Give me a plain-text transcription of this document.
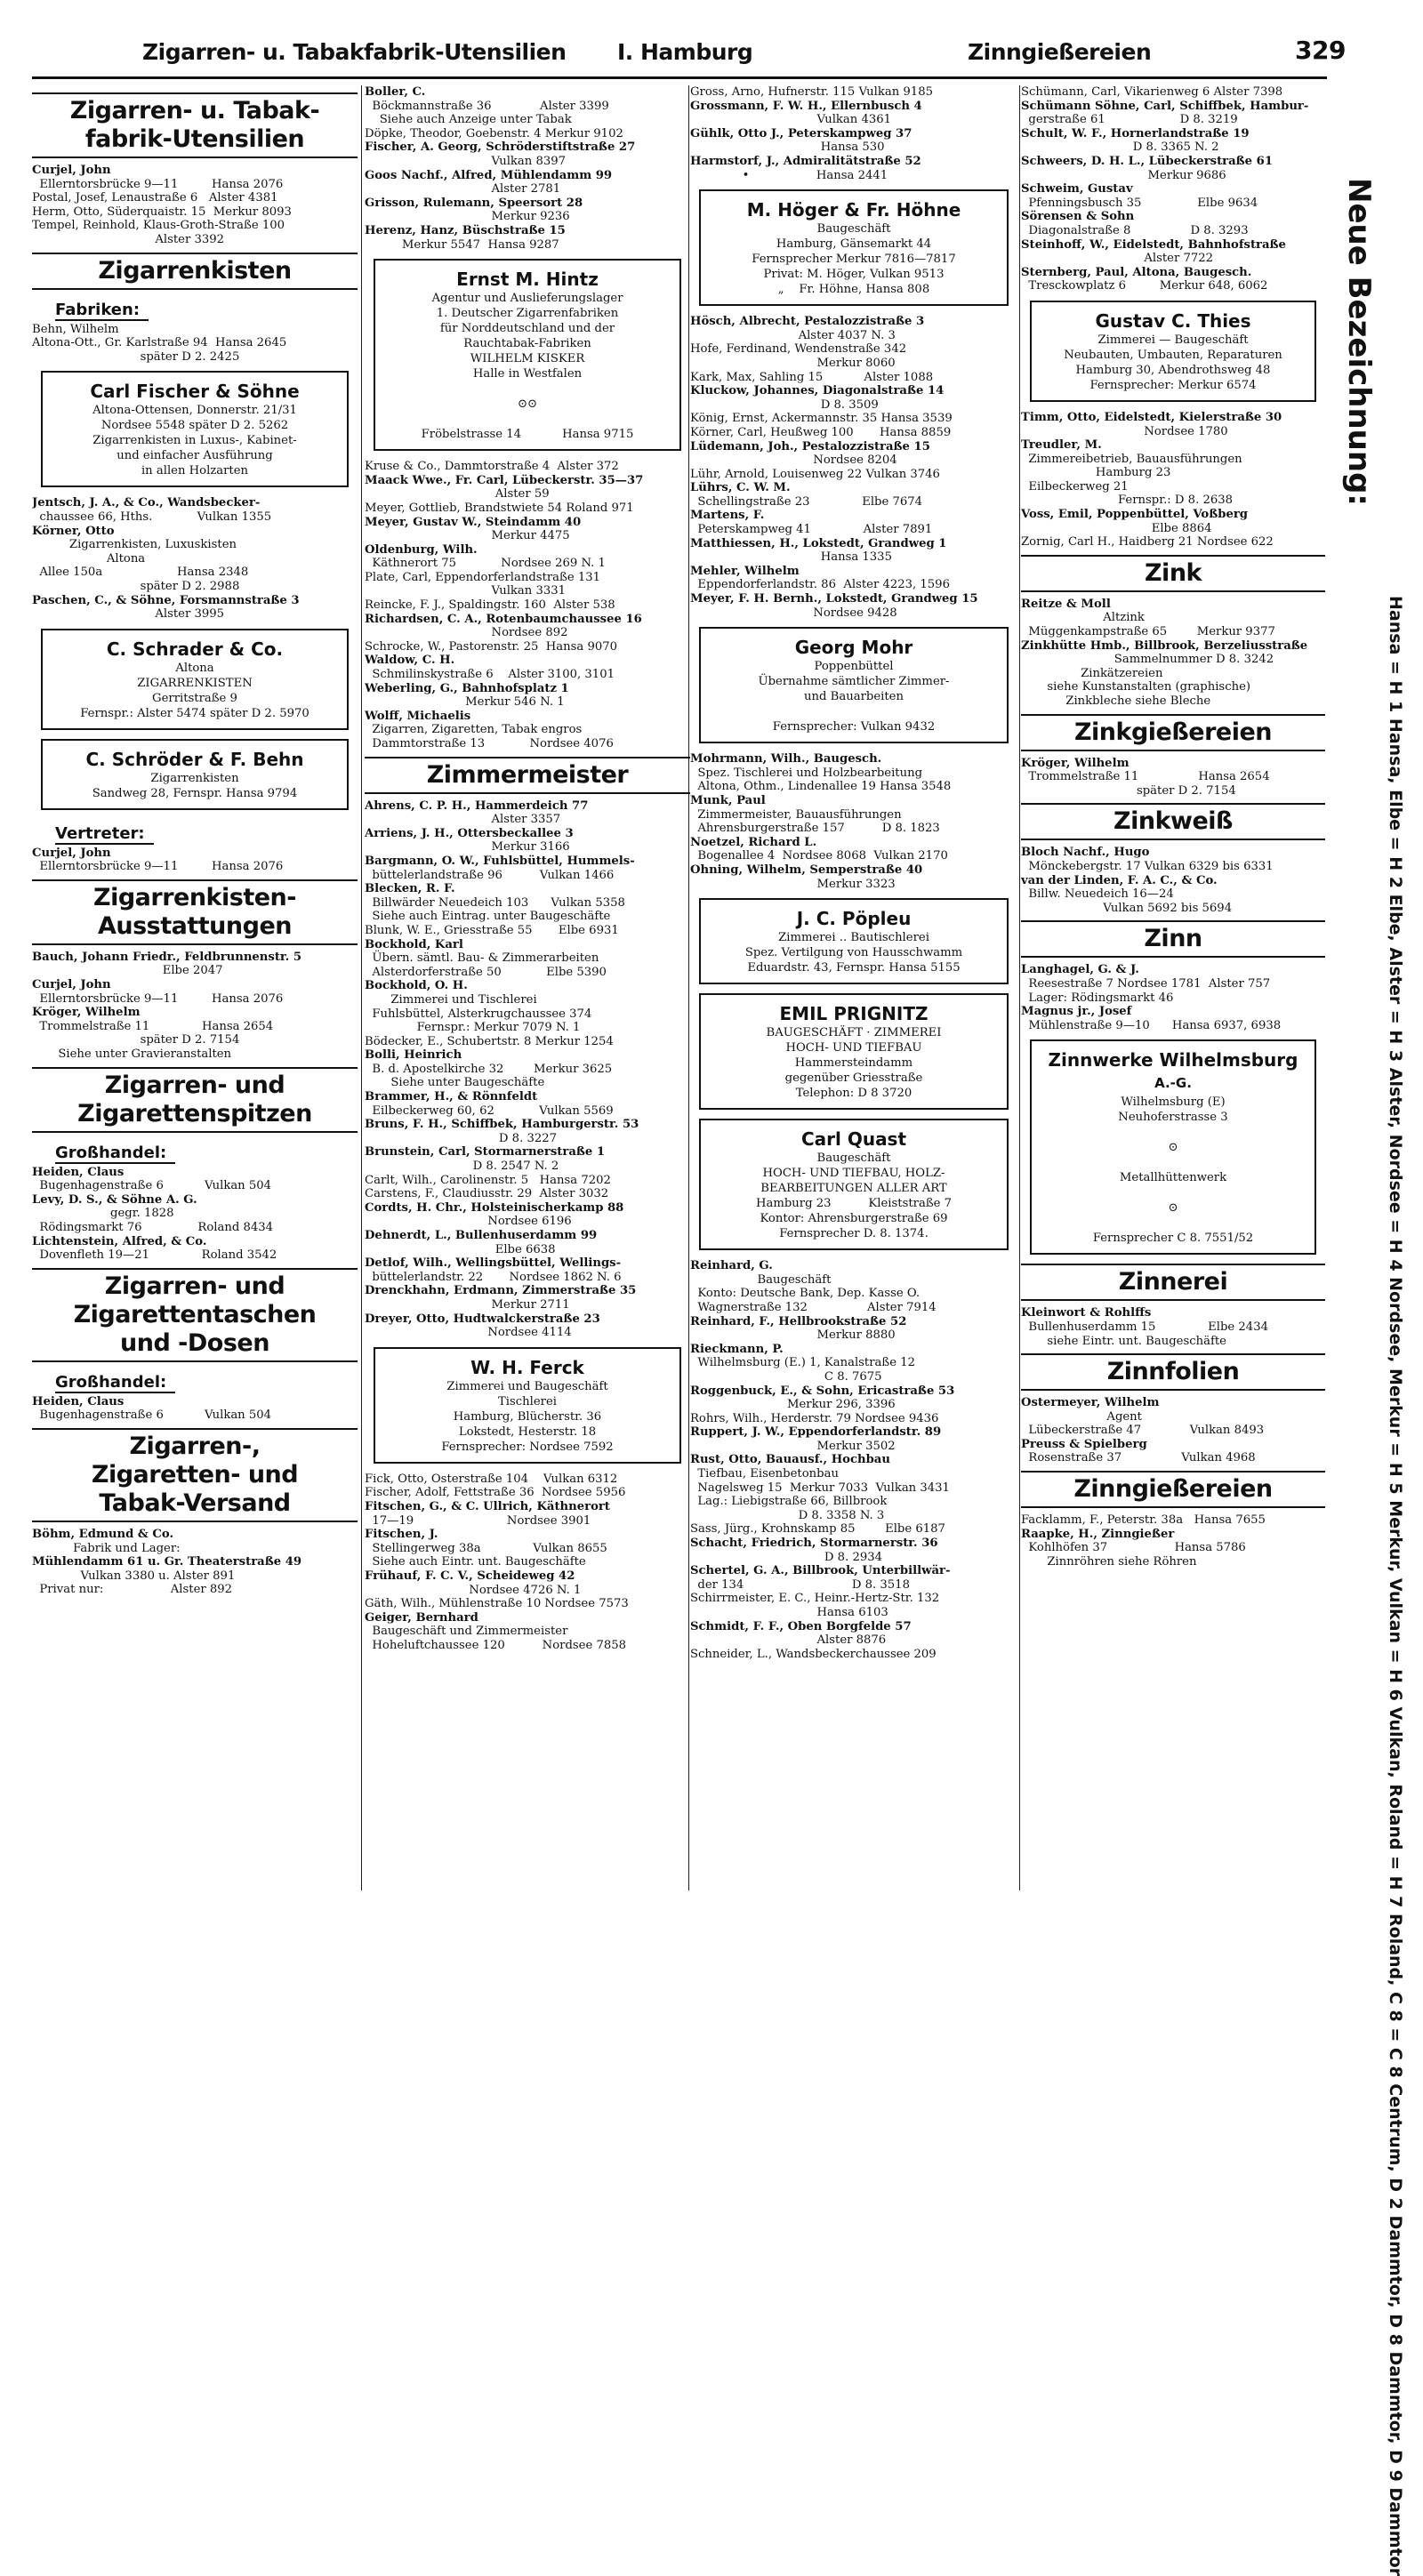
Zigarren- u. Tabakfabrik-Utensilien I. Hamburg	Zinngießereien	329
Zigarren- u. Tabak-
fabrik-Utensilien
Curjel, John
Ellerntorsbrücke 9—11         Hansa 2076
Postal, Josef, Lenaustraße 6   Alster 4381
Herm, Otto, Süderquaistr. 15  Merkur 8093
Tempel, Reinhold, Klaus-Groth-Straße 100
Alster 3392
Zigarrenkisten
Fabriken:
Behn, Wilhelm
Altona-Ott., Gr. Karlstraße 94  Hansa 2645
später D 2. 2425
Carl Fischer & Söhne
Altona-Ottensen, Donnerstr. 21/31
Nordsee 5548 später D 2. 5262
Zigarrenkisten in Luxus-, Kabinet-
und einfacher Ausführung
in allen Holzarten
Jentsch, J. A., & Co., Wandsbecker-
chaussee 66, Hths.            Vulkan 1355
Körner, Otto
Zigarrenkisten, Luxuskisten
Altona
Allee 150a                    Hansa 2348
später D 2. 2988
Paschen, C., & Söhne, Forsmannstraße 3
Alster 3995
C. Schrader & Co.
Altona
ZIGARRENKISTEN
Gerritstraße 9
Fernspr.: Alster 5474 später D 2. 5970
C. Schröder & F. Behn
Zigarrenkisten
Sandweg 28, Fernspr. Hansa 9794
Vertreter:
Curjel, John
Ellerntorsbrücke 9—11         Hansa 2076
Zigarrenkisten-
Ausstattungen
Bauch, Johann Friedr., Feldbrunnenstr. 5
Elbe 2047
Curjel, John
Ellerntorsbrücke 9—11         Hansa 2076
Kröger, Wilhelm
Trommelstraße 11              Hansa 2654
später D 2. 7154
Siehe unter Gravieranstalten
Zigarren- und
Zigarettenspitzen
Großhandel:
Heiden, Claus
Bugenhagenstraße 6           Vulkan 504
Levy, D. S., & Söhne A. G.
gegr. 1828
Rödingsmarkt 76               Roland 8434
Lichtenstein, Alfred, & Co.
Dovenfleth 19—21              Roland 3542
Zigarren- und
Zigarettentaschen
und -Dosen
Großhandel:
Heiden, Claus
Bugenhagenstraße 6           Vulkan 504
Zigarren-,
Zigaretten- und
Tabak-Versand
Böhm, Edmund & Co.
Fabrik und Lager:
Mühlendamm 61 u. Gr. Theaterstraße 49
Vulkan 3380 u. Alster 891
Privat nur:                  Alster 892
Boller, C.
Böckmannstraße 36             Alster 3399
Siehe auch Anzeige unter Tabak
Döpke, Theodor, Goebenstr. 4 Merkur 9102
Fischer, A. Georg, Schröderstiftstraße 27
Vulkan 8397
Goos Nachf., Alfred, Mühlendamm 99
Alster 2781
Grisson, Rulemann, Speersort 28
Merkur 9236
Herenz, Hanz, Büschstraße 15
Merkur 5547  Hansa 9287
Ernst M. Hintz
Agentur und Auslieferungslager
1. Deutscher Zigarrenfabriken
für Norddeutschland und der
Rauchtabak-Fabriken
WILHELM KISKER
Halle in Westfalen

⊙⊙

Fröbelstrasse 14           Hansa 9715
Kruse & Co., Dammtorstraße 4  Alster 372
Maack Wwe., Fr. Carl, Lübeckerstr. 35—37
Alster 59
Meyer, Gottlieb, Brandstwiete 54 Roland 971
Meyer, Gustav W., Steindamm 40
Merkur 4475
Oldenburg, Wilh.
Käthnerort 75            Nordsee 269 N. 1
Plate, Carl, Eppendorferlandstraße 131
Vulkan 3331
Reincke, F. J., Spaldingstr. 160  Alster 538
Richardsen, C. A., Rotenbaumchaussee 16
Nordsee 892
Schrocke, W., Pastorenstr. 25  Hansa 9070
Waldow, C. H.
Schmilinskystraße 6    Alster 3100, 3101
Weberling, G., Bahnhofsplatz 1
Merkur 546 N. 1
Wolff, Michaelis
Zigarren, Zigaretten, Tabak engros
Dammtorstraße 13            Nordsee 4076
Zimmermeister
Ahrens, C. P. H., Hammerdeich 77
Alster 3357
Arriens, J. H., Ottersbeckallee 3
Merkur 3166
Bargmann, O. W., Fuhlsbüttel, Hummels-
büttelerlandstraße 96          Vulkan 1466
Blecken, R. F.
Billwärder Neuedeich 103      Vulkan 5358
Siehe auch Eintrag. unter Baugeschäfte
Blunk, W. E., Griesstraße 55       Elbe 6931
Bockhold, Karl
Übern. sämtl. Bau- & Zimmerarbeiten
Alsterdorferstraße 50            Elbe 5390
Bockhold, O. H.
Zimmerei und Tischlerei
Fuhlsbüttel, Alsterkrugchaussee 374
Fernspr.: Merkur 7079 N. 1
Bödecker, E., Schubertstr. 8 Merkur 1254
Bolli, Heinrich
B. d. Apostelkirche 32        Merkur 3625
Siehe unter Baugeschäfte
Brammer, H., & Rönnfeldt
Eilbeckerweg 60, 62            Vulkan 5569
Bruns, F. H., Schiffbek, Hamburgerstr. 53
D 8. 3227
Brunstein, Carl, Stormarnerstraße 1
D 8. 2547 N. 2
Carlt, Wilh., Carolinenstr. 5   Hansa 7202
Carstens, F., Claudiusstr. 29  Alster 3032
Cordts, H. Chr., Holsteinischerkamp 88
Nordsee 6196
Dehnerdt, L., Bullenhuserdamm 99
Elbe 6638
Detlof, Wilh., Wellingsbüttel, Wellings-
büttelerlandstr. 22       Nordsee 1862 N. 6
Drenckhahn, Erdmann, Zimmerstraße 35
Merkur 2711
Dreyer, Otto, Hudtwalckerstraße 23
Nordsee 4114
W. H. Ferck
Zimmerei und Baugeschäft
Tischlerei
Hamburg, Blücherstr. 36
Lokstedt, Hesterstr. 18
Fernsprecher: Nordsee 7592
Fick, Otto, Osterstraße 104    Vulkan 6312
Fischer, Adolf, Fettstraße 36  Nordsee 5956
Fitschen, G., & C. Ullrich, Käthnerort
17—19                         Nordsee 3901
Fitschen, J.
Stellingerweg 38a              Vulkan 8655
Siehe auch Eintr. unt. Baugeschäfte
Frühauf, F. C. V., Scheideweg 42
Nordsee 4726 N. 1
Gäth, Wilh., Mühlenstraße 10 Nordsee 7573
Geiger, Bernhard
Baugeschäft und Zimmermeister
Hoheluftchaussee 120          Nordsee 7858
Gross, Arno, Hufnerstr. 115 Vulkan 9185
Grossmann, F. W. H., Ellernbusch 4
Vulkan 4361
Gühlk, Otto J., Peterskampweg 37
Hansa 530
Harmstorf, J., Admiralitätstraße 52
•                  Hansa 2441
M. Höger & Fr. Höhne
Baugeschäft
Hamburg, Gänsemarkt 44
Fernsprecher Merkur 7816—7817
Privat: M. Höger, Vulkan 9513
„    Fr. Höhne, Hansa 808
Hösch, Albrecht, Pestalozzistraße 3
Alster 4037 N. 3
Hofe, Ferdinand, Wendenstraße 342
Merkur 8060
Kark, Max, Sahling 15           Alster 1088
Kluckow, Johannes, Diagonalstraße 14
D 8. 3509
König, Ernst, Ackermannstr. 35 Hansa 3539
Körner, Carl, Heußweg 100       Hansa 8859
Lüdemann, Joh., Pestalozzistraße 15
Nordsee 8204
Lühr, Arnold, Louisenweg 22 Vulkan 3746
Lührs, C. W. M.
Schellingstraße 23              Elbe 7674
Martens, F.
Peterskampweg 41              Alster 7891
Matthiessen, H., Lokstedt, Grandweg 1
Hansa 1335
Mehler, Wilhelm
Eppendorferlandstr. 86  Alster 4223, 1596
Meyer, F. H. Bernh., Lokstedt, Grandweg 15
Nordsee 9428
Georg Mohr
Poppenbüttel
Übernahme sämtlicher Zimmer-
und Bauarbeiten

Fernsprecher: Vulkan 9432
Mohrmann, Wilh., Baugesch.
Spez. Tischlerei und Holzbearbeitung
Altona, Othm., Lindenallee 19 Hansa 3548
Munk, Paul
Zimmermeister, Bauausführungen
Ahrensburgerstraße 157          D 8. 1823
Noetzel, Richard L.
Bogenallee 4  Nordsee 8068  Vulkan 2170
Ohning, Wilhelm, Semperstraße 40
Merkur 3323
J. C. Pöpleu
Zimmerei .. Bautischlerei
Spez. Vertilgung von Hausschwamm
Eduardstr. 43, Fernspr. Hansa 5155
EMIL PRIGNITZ
BAUGESCHÄFT · ZIMMEREI
HOCH- UND TIEFBAU
Hammersteindamm
gegenüber Griesstraße
Telephon: D 8 3720
Carl Quast
Baugeschäft
HOCH- UND TIEFBAU, HOLZ-
BEARBEITUNGEN ALLER ART
Hamburg 23          Kleiststraße 7
Kontor: Ahrensburgerstraße 69
Fernsprecher D. 8. 1374.
Reinhard, G.
Baugeschäft
Konto: Deutsche Bank, Dep. Kasse O.
Wagnerstraße 132                Alster 7914
Reinhard, F., Hellbrookstraße 52
Merkur 8880
Rieckmann, P.
Wilhelmsburg (E.) 1, Kanalstraße 12
C 8. 7675
Roggenbuck, E., & Sohn, Ericastraße 53
Merkur 296, 3396
Rohrs, Wilh., Herderstr. 79 Nordsee 9436
Ruppert, J. W., Eppendorferlandstr. 89
Merkur 3502
Rust, Otto, Bauausf., Hochbau
Tiefbau, Eisenbetonbau
Nagelsweg 15  Merkur 7033  Vulkan 3431
Lag.: Liebigstraße 66, Billbrook
D 8. 3358 N. 3
Sass, Jürg., Krohnskamp 85        Elbe 6187
Schacht, Friedrich, Stormarnerstr. 36
D 8. 2934
Schertel, G. A., Billbrook, Unterbillwär-
der 134                             D 8. 3518
Schirrmeister, E. C., Heinr.-Hertz-Str. 132
Hansa 6103
Schmidt, F. F., Oben Borgfelde 57
Alster 8876
Schneider, L., Wandsbeckerchaussee 209
Schümann, Carl, Vikarienweg 6 Alster 7398
Schümann Söhne, Carl, Schiffbek, Hambur-
gerstraße 61                    D 8. 3219
Schult, W. F., Hornerlandstraße 19
D 8. 3365 N. 2
Schweers, D. H. L., Lübeckerstraße 61
Merkur 9686
Schweim, Gustav
Pfenningsbusch 35               Elbe 9634
Sörensen & Sohn
Diagonalstraße 8                D 8. 3293
Steinhoff, W., Eidelstedt, Bahnhofstraße
Alster 7722
Sternberg, Paul, Altona, Baugesch.
Tresckowplatz 6         Merkur 648, 6062
Gustav C. Thies
Zimmerei — Baugeschäft
Neubauten, Umbauten, Reparaturen
Hamburg 30, Abendrothsweg 48
Fernsprecher: Merkur 6574
Timm, Otto, Eidelstedt, Kielerstraße 30
Nordsee 1780
Treudler, M.
Zimmereibetrieb, Bauausführungen
Hamburg 23
Eilbeckerweg 21
Fernspr.: D 8. 2638
Voss, Emil, Poppenbüttel, Voßberg
Elbe 8864
Zornig, Carl H., Haidberg 21 Nordsee 622
Zink
Reitze & Moll
Altzink
Müggenkampstraße 65        Merkur 9377
Zinkhütte Hmb., Billbrook, Berzeliusstraße
Sammelnummer D 8. 3242
Zinkätzereien
siehe Kunstanstalten (graphische)
Zinkbleche siehe Bleche
Zinkgießereien
Kröger, Wilhelm
Trommelstraße 11                Hansa 2654
später D 2. 7154
Zinkweiß
Bloch Nachf., Hugo
Mönckebergstr. 17 Vulkan 6329 bis 6331
van der Linden, F. A. C., & Co.
Billw. Neuedeich 16—24
Vulkan 5692 bis 5694
Zinn
Langhagel, G. & J.
Reesestraße 7 Nordsee 1781  Alster 757
Lager: Rödingsmarkt 46
Magnus jr., Josef
Mühlenstraße 9—10      Hansa 6937, 6938
Zinnwerke Wilhelmsburg
A.-G.
Wilhelmsburg (E)
Neuhoferstrasse 3

⊙

Metallhüttenwerk

⊙

Fernsprecher C 8. 7551/52
Zinnerei
Kleinwort & Rohlffs
Bullenhuserdamm 15              Elbe 2434
siehe Eintr. unt. Baugeschäfte
Zinnfolien
Ostermeyer, Wilhelm
Agent
Lübeckerstraße 47             Vulkan 8493
Preuss & Spielberg
Rosenstraße 37                Vulkan 4968
Zinngießereien
Facklamm, F., Peterstr. 38a   Hansa 7655
Raapke, H., Zinngießer
Kohlhöfen 37                  Hansa 5786
Zinnröhren siehe Röhren
Neue Bezeichnung:
Hansa = H 1 Hansa, Elbe = H 2 Elbe, Alster = H 3 Alster, Nordsee = H 4 Nordsee, Merkur = H 5 Merkur, Vulkan = H 6 Vulkan, Roland = H 7 Roland, C 8 = C 8 Centrum, D 2 Dammtor, D 8 Dammtor, D 9 Dammtor
